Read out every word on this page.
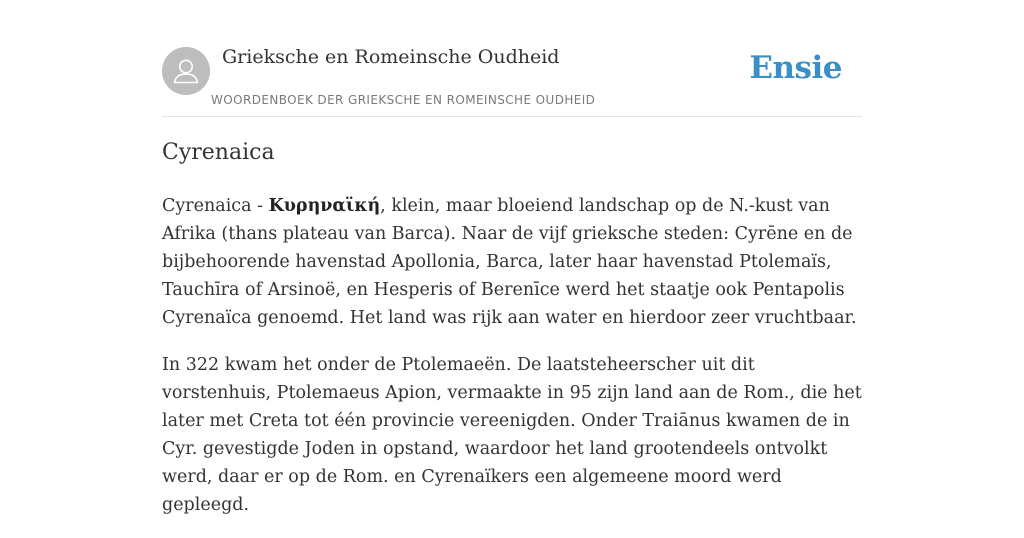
Grieksche en Romeinsche Oudheid
WOORDENBOEK DER GRIEKSCHE EN ROMEINSCHE OUDHEID
Ensie
Cyrenaica

Cyrenaica - Κυρηναϊκή, klein, maar bloeiend landschap op de N.-kust van Afrika (thans plateau van Barca). Naar de vijf grieksche steden: Cyrēne en de bijbehoorende havenstad Apollonia, Barca, later haar havenstad Ptolemaïs, Tauchīra of Arsinoë, en Hesperis of Berenīce werd het staatje ook Pentapolis Cyrenaïca genoemd. Het land was rijk aan water en hierdoor zeer vruchtbaar.

In 322 kwam het onder de Ptolemaeën. De laatsteheerscher uit dit vorstenhuis, Ptolemaeus Apion, vermaakte in 95 zijn land aan de Rom., die het later met Creta tot één provincie vereenigden. Onder Traiānus kwamen de in Cyr. gevestigde Joden in opstand, waardoor het land grootendeels ontvolkt werd, daar er op de Rom. en Cyrenaïkers een algemeene moord werd gepleegd.
